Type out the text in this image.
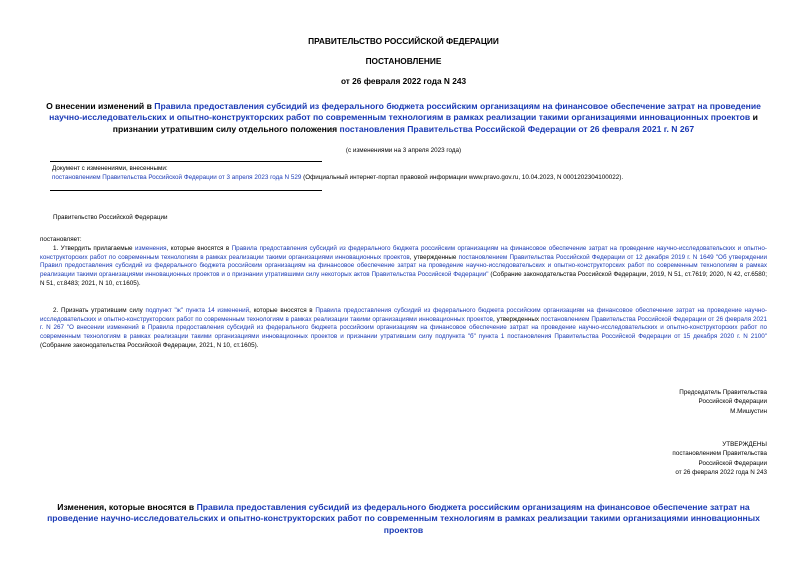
ПРАВИТЕЛЬСТВО РОССИЙСКОЙ ФЕДЕРАЦИИ
ПОСТАНОВЛЕНИЕ
от 26 февраля 2022 года N 243
О внесении изменений в Правила предоставления субсидий из федерального бюджета российским организациям на финансовое обеспечение затрат на проведение научно-исследовательских и опытно-конструкторских работ по современным технологиям в рамках реализации такими организациями инновационных проектов и признании утратившим силу отдельного положения постановления Правительства Российской Федерации от 26 февраля 2021 г. N 267
(с изменениями на 3 апреля 2023 года)
Документ с изменениями, внесенными:
постановлением Правительства Российской Федерации от 3 апреля 2023 года N 529 (Официальный интернет-портал правовой информации www.pravo.gov.ru, 10.04.2023, N 0001202304100022).
Правительство Российской Федерации
постановляет:
1. Утвердить прилагаемые изменения, которые вносятся в Правила предоставления субсидий из федерального бюджета российским организациям на финансовое обеспечение затрат на проведение научно-исследовательских и опытно-конструкторских работ по современным технологиям в рамках реализации такими организациями инновационных проектов, утвержденные постановлением Правительства Российской Федерации от 12 декабря 2019 г. N 1649 "Об утверждении Правил предоставления субсидий из федерального бюджета российским организациям на финансовое обеспечение затрат на проведение научно-исследовательских и опытно-конструкторских работ по современным технологиям в рамках реализации такими организациями инновационных проектов и о признании утратившими силу некоторых актов Правительства Российской Федерации" (Собрание законодательства Российской Федерации, 2019, N 51, ст.7619; 2020, N 42, ст.6580; N 51, ст.8483; 2021, N 10, ст.1605).
2. Признать утратившим силу подпункт "ж" пункта 14 изменений, которые вносятся в Правила предоставления субсидий из федерального бюджета российским организациям на финансовое обеспечение затрат на проведение научно-исследовательских и опытно-конструкторских работ по современным технологиям в рамках реализации такими организациями инновационных проектов, утвержденных постановлением Правительства Российской Федерации от 26 февраля 2021 г. N 267 "О внесении изменений в Правила предоставления субсидий из федерального бюджета российским организациям на финансовое обеспечение затрат на проведение научно-исследовательских и опытно-конструкторских работ по современным технологиям в рамках реализации такими организациями инновационных проектов и признании утратившим силу подпункта "б" пункта 1 постановления Правительства Российской Федерации от 15 декабря 2020 г. N 2100" (Собрание законодательства Российской Федерации, 2021, N 10, ст.1605).
Председатель Правительства
Российской Федерации
М.Мишустин
УТВЕРЖДЕНЫ
постановлением Правительства
Российской Федерации
от 26 февраля 2022 года N 243
Изменения, которые вносятся в Правила предоставления субсидий из федерального бюджета российским организациям на финансовое обеспечение затрат на проведение научно-исследовательских и опытно-конструкторских работ по современным технологиям в рамках реализации такими организациями инновационных проектов
